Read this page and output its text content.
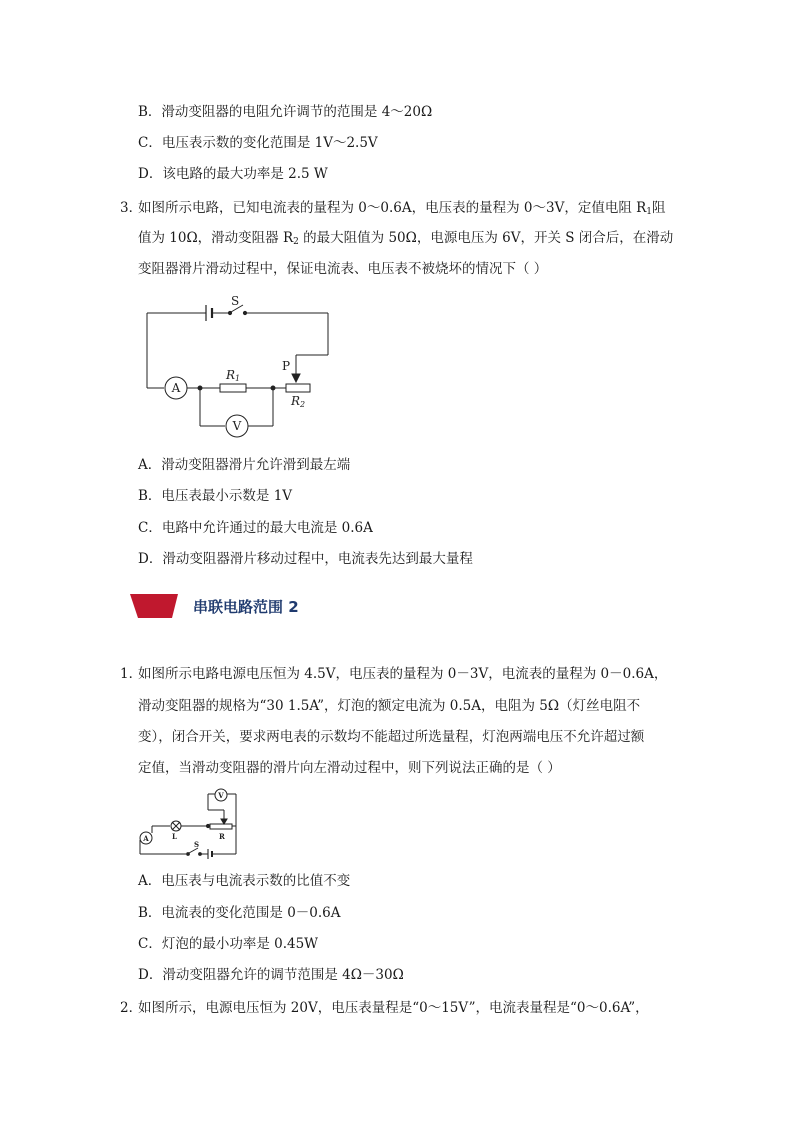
B．滑动变阻器的电阻允许调节的范围是 4～20Ω
C．电压表示数的变化范围是 1V～2.5V
D．该电路的最大功率是 2.5 W
3．
如图所示电路，已知电流表的量程为 0～0.6A，电压表的量程为 0～3V，定值电阻 $R_1$阻
值为 10Ω，滑动变阻器 $R_2$ 的最大阻值为 50Ω，电源电压为 6V，开关 S 闭合后，在滑动
变阻器滑片滑动过程中，保证电流表、电压表不被烧坏的情况下（ ）
S
P
A
V
R1
R2
A．滑动变阻器滑片允许滑到最左端
B．电压表最小示数是 1V
C．电路中允许通过的最大电流是 0.6A
D．滑动变阻器滑片移动过程中，电流表先达到最大量程
串联电路范围 2
1．
如图所示电路电源电压恒为 4.5V，电压表的量程为 0－3V，电流表的量程为 0－0.6A，
滑动变阻器的规格为“30 1.5A”，灯泡的额定电流为 0.5A，电阻为 5Ω（灯丝电阻不
变），闭合开关，要求两电表的示数均不能超过所选量程，灯泡两端电压不允许超过额
定值，当滑动变阻器的滑片向左滑动过程中，则下列说法正确的是（ ）
A
V
L	R
S
A．电压表与电流表示数的比值不变
B．电流表的变化范围是 0－0.6A
C．灯泡的最小功率是 0.45W
D．滑动变阻器允许的调节范围是 4Ω－30Ω
2．
如图所示，电源电压恒为 20V，电压表量程是“0～15V”，电流表量程是“0～0.6A”，
